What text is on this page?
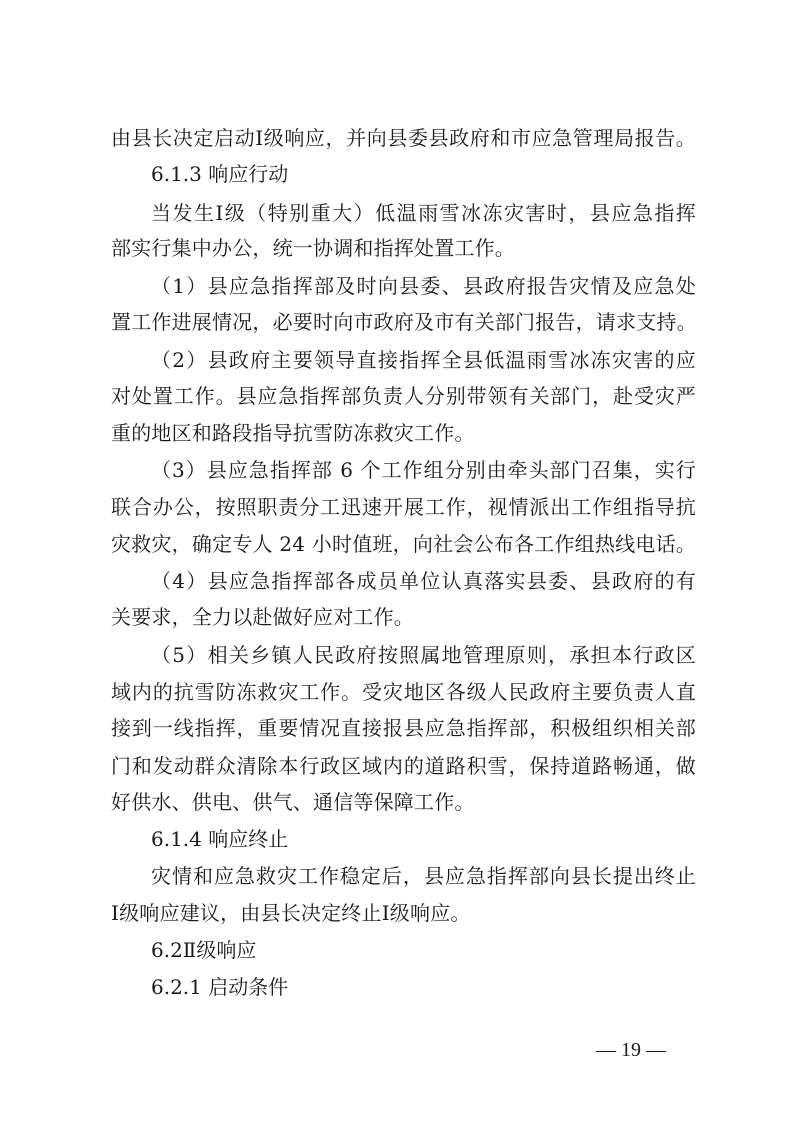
由县长决定启动Ⅰ级响应，并向县委县政府和市应急管理局报告。
6.1.3 响应行动
当发生Ⅰ级（特别重大）低温雨雪冰冻灾害时，县应急指挥
部实行集中办公，统一协调和指挥处置工作。
（1）县应急指挥部及时向县委、县政府报告灾情及应急处
置工作进展情况，必要时向市政府及市有关部门报告，请求支持。
（2）县政府主要领导直接指挥全县低温雨雪冰冻灾害的应
对处置工作。县应急指挥部负责人分别带领有关部门，赴受灾严
重的地区和路段指导抗雪防冻救灾工作。
（3）县应急指挥部 6 个工作组分别由牵头部门召集，实行
联合办公，按照职责分工迅速开展工作，视情派出工作组指导抗
灾救灾，确定专人 24 小时值班，向社会公布各工作组热线电话。
（4）县应急指挥部各成员单位认真落实县委、县政府的有
关要求，全力以赴做好应对工作。
（5）相关乡镇人民政府按照属地管理原则，承担本行政区
域内的抗雪防冻救灾工作。受灾地区各级人民政府主要负责人直
接到一线指挥，重要情况直接报县应急指挥部，积极组织相关部
门和发动群众清除本行政区域内的道路积雪，保持道路畅通，做
好供水、供电、供气、通信等保障工作。
6.1.4 响应终止
灾情和应急救灾工作稳定后，县应急指挥部向县长提出终止
Ⅰ级响应建议，由县长决定终止Ⅰ级响应。
6.2Ⅱ级响应
6.2.1 启动条件
— 19 —
